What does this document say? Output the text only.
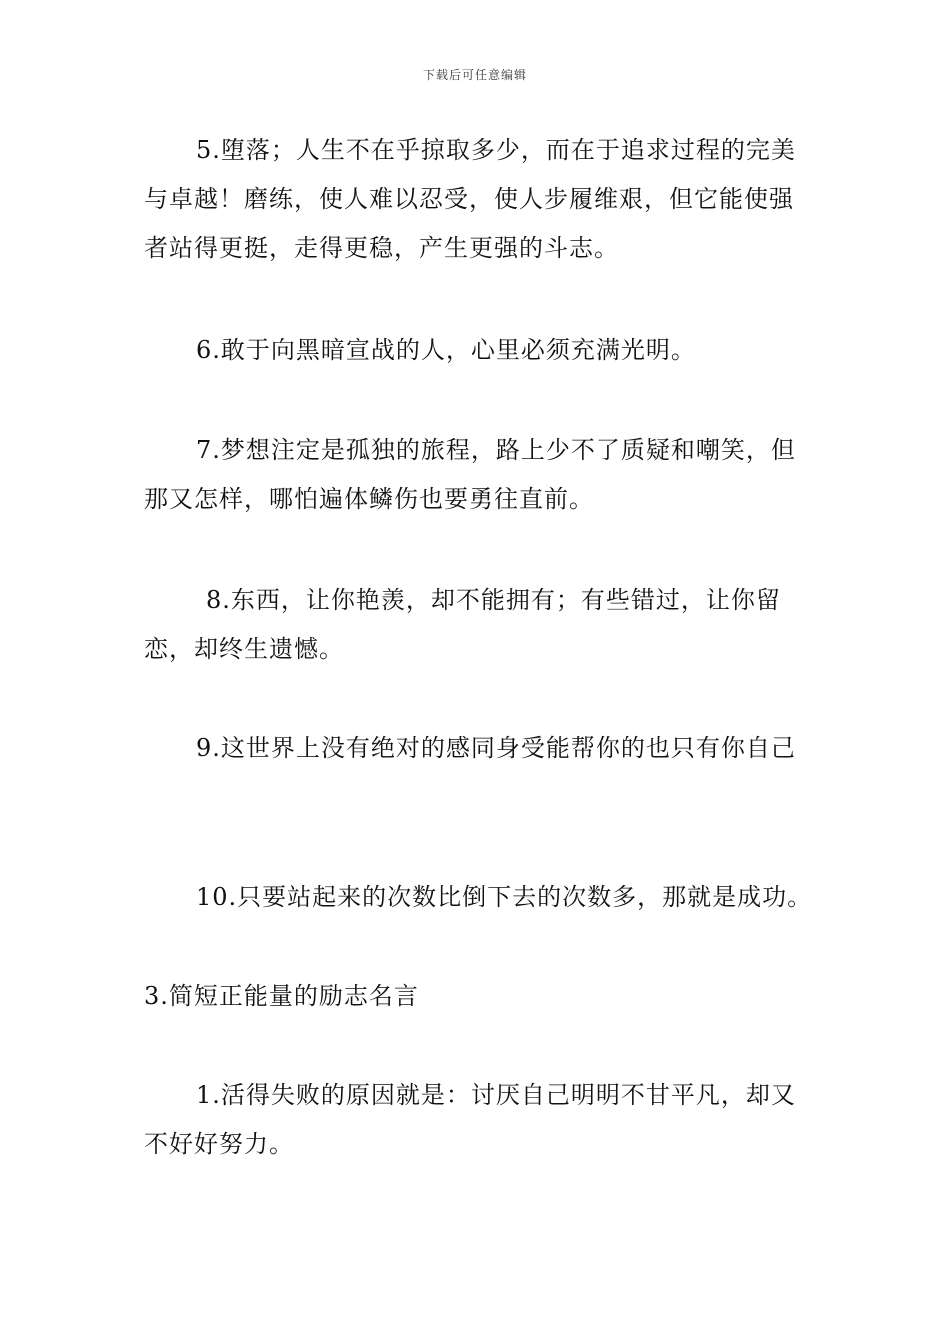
下载后可任意编辑
5.堕落；人生不在乎掠取多少，而在于追求过程的完美与卓越！磨练，使人难以忍受，使人步履维艰，但它能使强者站得更挺，走得更稳，产生更强的斗志。
6.敢于向黑暗宣战的人，心里必须充满光明。
7.梦想注定是孤独的旅程，路上少不了质疑和嘲笑，但那又怎样，哪怕遍体鳞伤也要勇往直前。
8.东西，让你艳羡，却不能拥有；有些错过，让你留恋，却终生遗憾。
9.这世界上没有绝对的感同身受能帮你的也只有你自己
10.只要站起来的次数比倒下去的次数多，那就是成功。
3.简短正能量的励志名言
1.活得失败的原因就是：讨厌自己明明不甘平凡，却又不好好努力。
